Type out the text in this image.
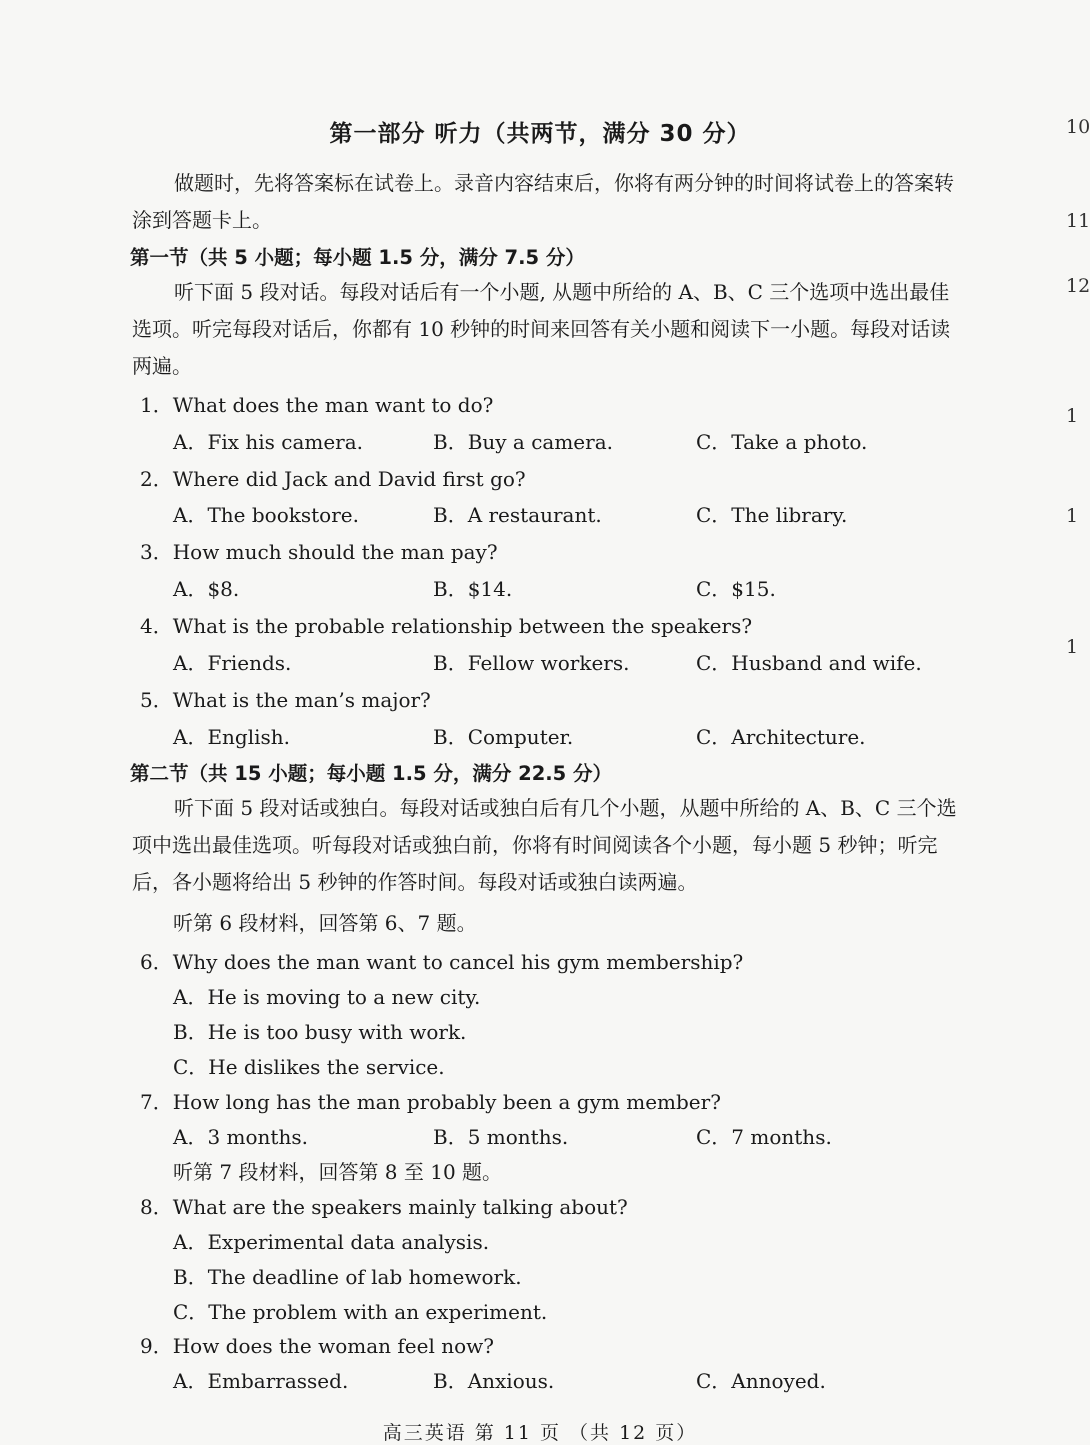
第一部分 听力（共两节，满分 30 分）
做题时，先将答案标在试卷上。录音内容结束后，你将有两分钟的时间将试卷上的答案转涂到答题卡上。
第一节（共 5 小题；每小题 1.5 分，满分 7.5 分）
听下面 5 段对话。每段对话后有一个小题, 从题中所给的 A、B、C 三个选项中选出最佳选项。听完每段对话后，你都有 10 秒钟的时间来回答有关小题和阅读下一小题。每段对话读两遍。
1．What does the man want to do?
A．Fix his camera.	B．Buy a camera.	C．Take a photo.
2．Where did Jack and David first go?
A．The bookstore.	B．A restaurant.	C．The library.
3．How much should the man pay?
A．$8.	B．$14.	C．$15.
4．What is the probable relationship between the speakers?
A．Friends.	B．Fellow workers.	C．Husband and wife.
5．What is the man’s major?
A．English.	B．Computer.	C．Architecture.
第二节（共 15 小题；每小题 1.5 分，满分 22.5 分）
听下面 5 段对话或独白。每段对话或独白后有几个小题，从题中所给的 A、B、C 三个选项中选出最佳选项。听每段对话或独白前，你将有时间阅读各个小题，每小题 5 秒钟；听完后，各小题将给出 5 秒钟的作答时间。每段对话或独白读两遍。
听第 6 段材料，回答第 6、7 题。
6．Why does the man want to cancel his gym membership?
A．He is moving to a new city.
B．He is too busy with work.
C．He dislikes the service.
7．How long has the man probably been a gym member?
A．3 months.	B．5 months.	C．7 months.
听第 7 段材料，回答第 8 至 10 题。
8．What are the speakers mainly talking about?
A．Experimental data analysis.
B．The deadline of lab homework.
C．The problem with an experiment.
9．How does the woman feel now?
A．Embarrassed.	B．Anxious.	C．Annoyed.
10
11
12
1
1
1
高三英语 第 11 页 （共 12 页）
